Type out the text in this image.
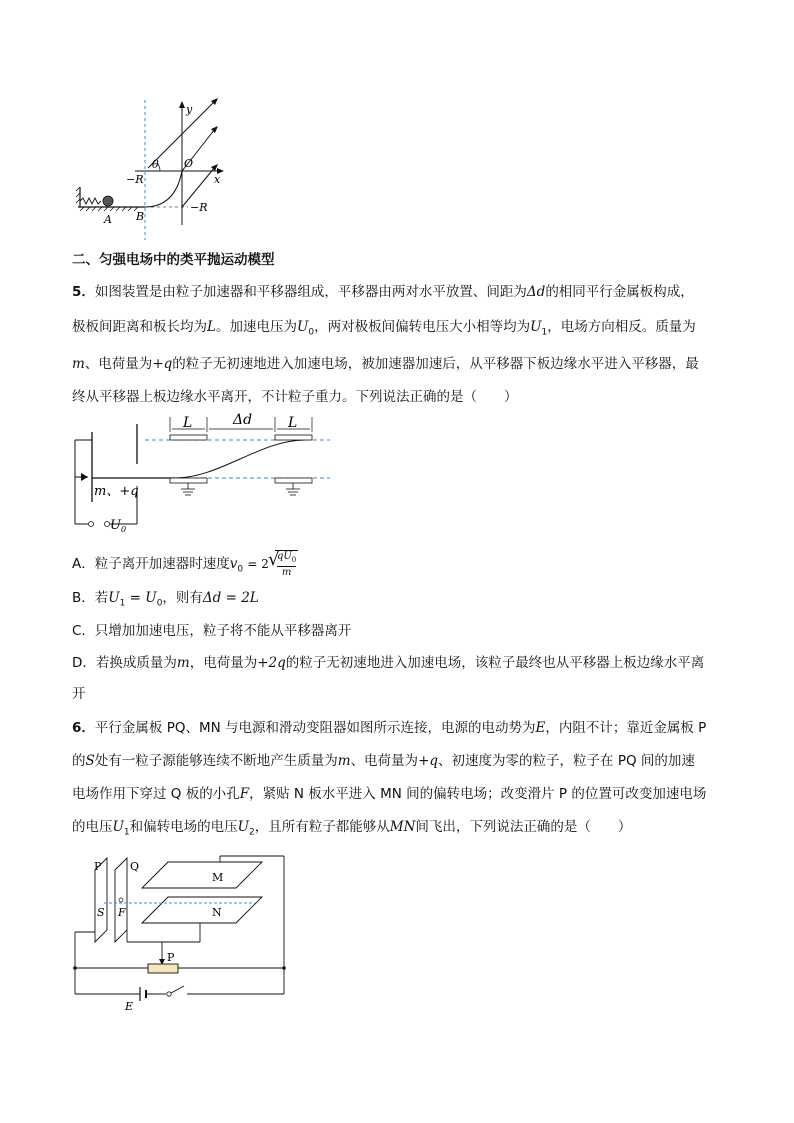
y
x
θ O
−R
−R
A B
二、匀强电场中的类平抛运动模型
5．如图装置是由粒子加速器和平移器组成，平移器由两对水平放置、间距为Δd的相同平行金属板构成，
极板间距离和板长均为L。加速电压为$U_0$，两对极板间偏转电压大小相等均为$U_1$，电场方向相反。质量为
m、电荷量为+q的粒子无初速地进入加速电场，被加速器加速后，从平移器下板边缘水平进入平移器，最
终从平移器上板边缘水平离开，不计粒子重力。下列说法正确的是（　　）
L	Δd	L
m、+q
$U_0$
A．粒子离开加速器时速度$v_0 = 2$ √
$qU_0$
m
B．若$U_1 = U_0$，则有Δd = 2L
C．只增加加速电压，粒子将不能从平移器离开
D．若换成质量为m，电荷量为+2q的粒子无初速地进入加速电场，该粒子最终也从平移器上板边缘水平离
开
6．平行金属板 PQ、MN 与电源和滑动变阻器如图所示连接，电源的电动势为E，内阻不计；靠近金属板 P
的S处有一粒子源能够连续不断地产生质量为m、电荷量为+q、初速度为零的粒子，粒子在 PQ 间的加速
电场作用下穿过 Q 板的小孔F，紧贴 N 板水平进入 MN 间的偏转电场；改变滑片 P 的位置可改变加速电场
的电压$U_1$和偏转电场的电压$U_2$，且所有粒子都能够从MN间飞出，下列说法正确的是（　　）
P	Q
S F
M
N
P
E
